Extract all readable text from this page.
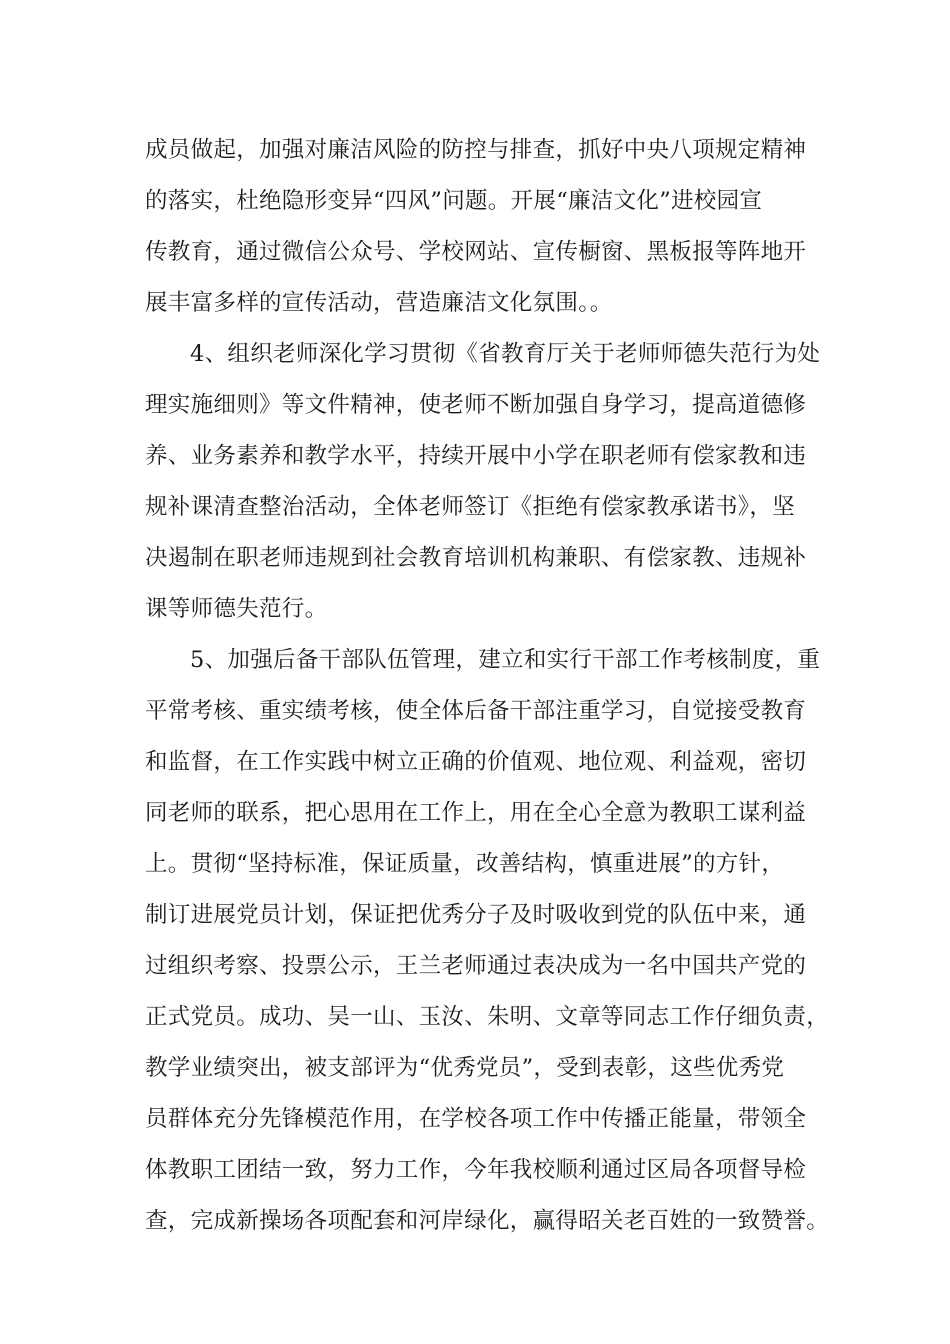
成员做起，加强对廉洁风险的防控与排查，抓好中央八项规定精神
的落实，杜绝隐形变异“四风”问题。开展“廉洁文化”进校园宣
传教育，通过微信公众号、学校网站、宣传橱窗、黑板报等阵地开
展丰富多样的宣传活动，营造廉洁文化氛围。。
4、组织老师深化学习贯彻《省教育厅关于老师师德失范行为处
理实施细则》等文件精神，使老师不断加强自身学习，提高道德修
养、业务素养和教学水平，持续开展中小学在职老师有偿家教和违
规补课清查整治活动，全体老师签订《拒绝有偿家教承诺书》，坚
决遏制在职老师违规到社会教育培训机构兼职、有偿家教、违规补
课等师德失范行。
5、加强后备干部队伍管理，建立和实行干部工作考核制度，重
平常考核、重实绩考核，使全体后备干部注重学习，自觉接受教育
和监督，在工作实践中树立正确的价值观、地位观、利益观，密切
同老师的联系，把心思用在工作上，用在全心全意为教职工谋利益
上。贯彻“坚持标准，保证质量，改善结构，慎重进展”的方针，
制订进展党员计划，保证把优秀分子及时吸收到党的队伍中来，通
过组织考察、投票公示，王兰老师通过表决成为一名中国共产党的
正式党员。成功、吴一山、玉汝、朱明、文章等同志工作仔细负责，
教学业绩突出，被支部评为“优秀党员”，受到表彰，这些优秀党
员群体充分先锋模范作用，在学校各项工作中传播正能量，带领全
体教职工团结一致，努力工作，今年我校顺利通过区局各项督导检
查，完成新操场各项配套和河岸绿化，赢得昭关老百姓的一致赞誉。
